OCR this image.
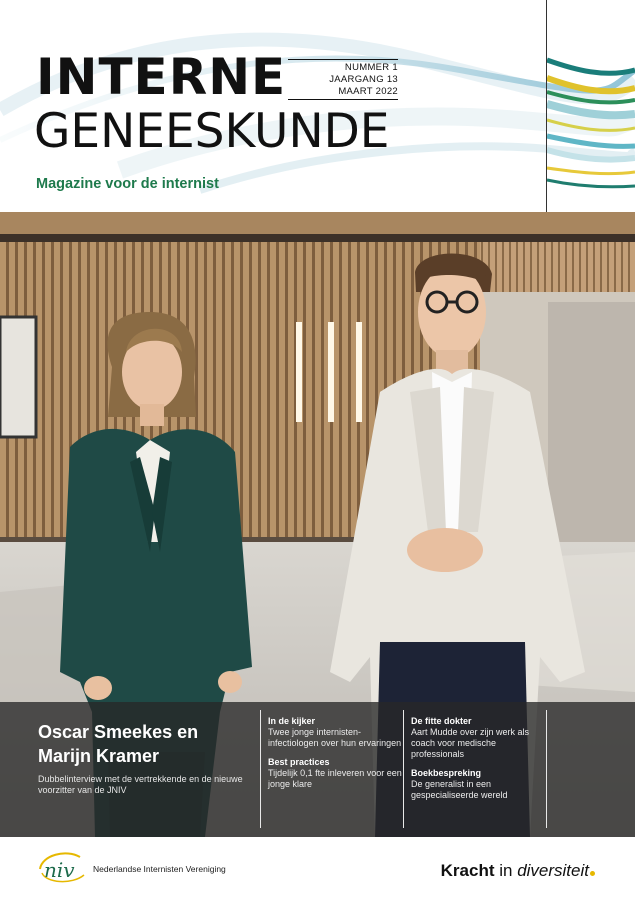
INTERNE
GENEESKUNDE
NUMMER 1
JAARGANG 13
MAART 2022
Magazine voor de internist
Oscar Smeekes en
Marijn Kramer
Dubbelinterview met de vertrekkende en de nieuwe voorzitter van de JNIV
In de kijker
Twee jonge internisten-infectiologen over hun ervaringen
Best practices
Tijdelijk 0,1 fte inleveren voor een jonge klare
De fitte dokter
Aart Mudde over zijn werk als coach voor medische professionals
Boekbespreking
De generalist in een gespecialiseerde wereld
niv Nederlandse Internisten Vereniging	Kracht in diversiteit
